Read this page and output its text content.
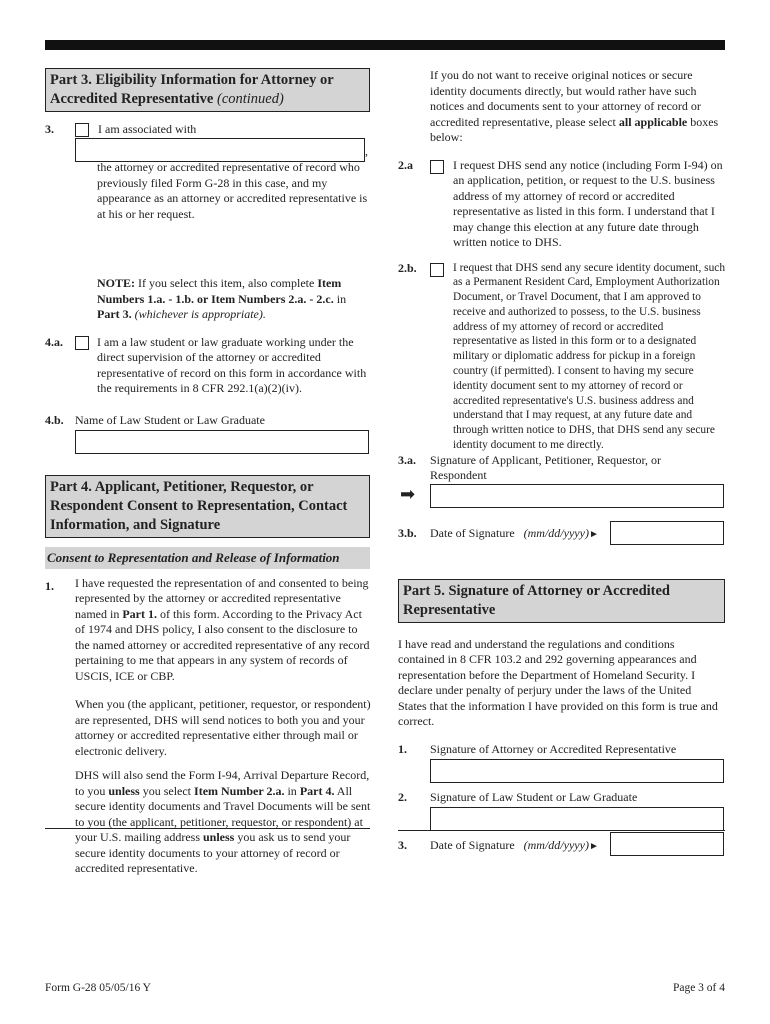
Part 3. Eligibility Information for Attorney or Accredited Representative (continued)
3.	I am associated with
,
the attorney or accredited representative of record who previously filed Form G-28 in this case, and my appearance as an attorney or accredited representative is at his or her request.
NOTE: If you select this item, also complete Item Numbers 1.a. - 1.b. or Item Numbers 2.a. - 2.c. in Part 3. (whichever is appropriate).
4.a.	I am a law student or law graduate working under the direct supervision of the attorney or accredited representative of record on this form in accordance with the requirements in 8 CFR 292.1(a)(2)(iv).
4.b. Name of Law Student or Law Graduate
Part 4. Applicant, Petitioner, Requestor, or Respondent Consent to Representation, Contact Information, and Signature
Consent to Representation and Release of Information
1. I have requested the representation of and consented to being represented by the attorney or accredited representative named in Part 1. of this form. According to the Privacy Act of 1974 and DHS policy, I also consent to the disclosure to the named attorney or accredited representative of any record pertaining to me that appears in any system of records of USCIS, ICE or CBP.
When you (the applicant, petitioner, requestor, or respondent) are represented, DHS will send notices to both you and your attorney or accredited representative either through mail or electronic delivery.
DHS will also send the Form I-94, Arrival Departure Record, to you unless you select Item Number 2.a. in Part 4. All secure identity documents and Travel Documents will be sent to you (the applicant, petitioner, requestor, or respondent) at your U.S. mailing address unless you ask us to send your secure identity documents to your attorney of record or accredited representative.
If you do not want to receive original notices or secure identity documents directly, but would rather have such notices and documents sent to your attorney of record or accredited representative, please select all applicable boxes below:
2.a	I request DHS send any notice (including Form I-94) on an application, petition, or request to the U.S. business address of my attorney of record or accredited representative as listed in this form. I understand that I may change this election at any future date through written notice to DHS.
2.b.	I request that DHS send any secure identity document, such as a Permanent Resident Card, Employment Authorization Document, or Travel Document, that I am approved to receive and authorized to possess, to the U.S. business address of my attorney of record or accredited representative as listed in this form or to a designated military or diplomatic address for pickup in a foreign country (if permitted). I consent to having my secure identity document sent to my attorney of record or accredited representative's U.S. business address and understand that I may request, at any future date and through written notice to DHS, that DHS send any secure identity document to me directly.
3.a. Signature of Applicant, Petitioner, Requestor, or Respondent
➡
3.b. Date of Signature (mm/dd/yyyy)►
Part 5. Signature of Attorney or Accredited Representative
I have read and understand the regulations and conditions contained in 8 CFR 103.2 and 292 governing appearances and representation before the Department of Homeland Security. I declare under penalty of perjury under the laws of the United States that the information I have provided on this form is true and correct.
1. Signature of Attorney or Accredited Representative
2. Signature of Law Student or Law Graduate
3. Date of Signature (mm/dd/yyyy)►
Form G-28 05/05/16 Y	Page 3 of 4
